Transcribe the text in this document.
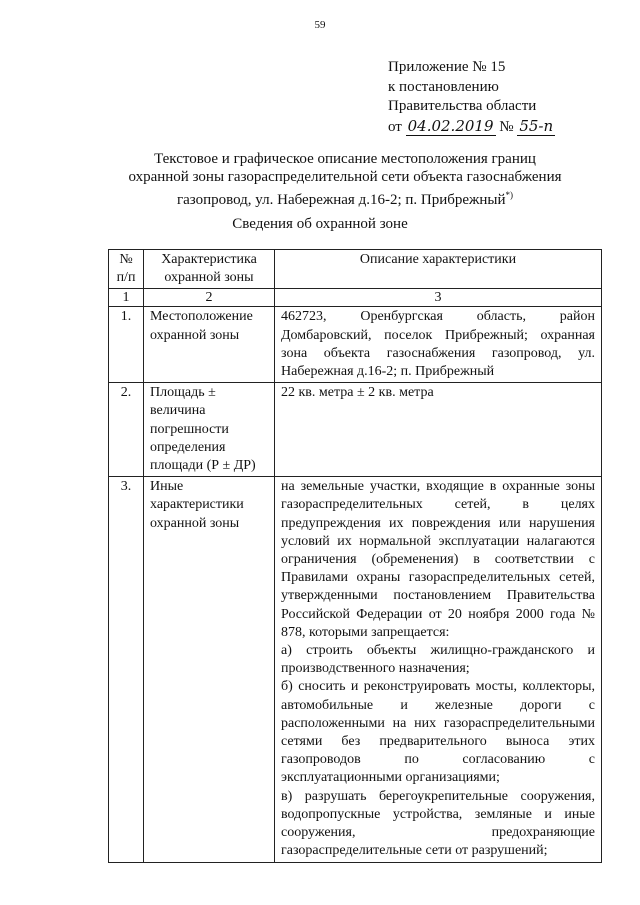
59
Приложение № 15
к постановлению
Правительства области
от 04.02.2019 № 55-п
Текстовое и графическое описание местоположения границ
охранной зоны газораспределительной сети объекта газоснабжения
газопровод, ул. Набережная д.16-2; п. Прибрежный*)
Сведения об охранной зоне
№ п/п	Характеристика охранной зоны	Описание характеристики
1	2	3
1.	Местоположение охранной зоны	462723, Оренбургская область, район Домбаровский, поселок Прибрежный; охранная зона объекта газоснабжения газопровод, ул. Набережная д.16-2; п. Прибрежный
2.	Площадь ± величина погрешности определения площади (Р ± ДР)	22 кв. метра ± 2 кв. метра
3.	Иные характеристики охранной зоны	на земельные участки, входящие в охранные зоны газораспределительных сетей, в целях предупреждения их повреждения или нарушения условий их нормальной эксплуатации налагаются ограничения (обременения) в соответствии с Правилами охраны газораспределительных сетей, утвержденными постановлением Правительства Российской Федерации от 20 ноября 2000 года № 878, которыми запрещается:
а) строить объекты жилищно-гражданского и производственного назначения;
б) сносить и реконструировать мосты, коллекторы, автомобильные и железные дороги с расположенными на них газораспределительными сетями без предварительного выноса этих газопроводов по согласованию с эксплуатационными организациями;
в) разрушать берегоукрепительные сооружения, водопропускные устройства, земляные и иные сооружения, предохраняющие газораспределительные сети от разрушений;
